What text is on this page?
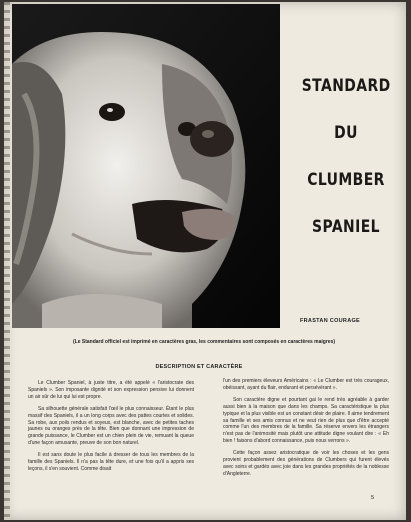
STANDARD
DU
CLUMBER
SPANIEL
FRASTAN COURAGE
(Le Standard officiel est imprimé en caractères gras, les commentaires sont composés en caractères maigres)
DESCRIPTION ET CARACTÈRE

Le Clumber Spaniel, à juste titre, a été appelé « l'aristocrate des Spaniels ». Son imposante dignité et son expression pensive lui donnent un air sûr de lui qui lui est propre.

Sa silhouette générale satisfait l'œil le plus connaisseur. Étant le plus massif des Spaniels, il a un long corps avec des pattes courtes et solides. Sa robe, aux poils rendus et soyeux, est blanche, avec de petites taches jaunes ou oranges près de la tête. Bien que donnant une impression de grande puissance, le Clumber est un chien plein de vie, remuant la queue d'une façon amusante, preuve de son bon naturel.

Il est sans doute le plus facile à dresser de tous les membres de la famille des Spaniels. Il n'a pas la tête dure, et une fois qu'il a appris ses leçons, il s'en souvient. Comme disait

l'un des premiers éleveurs Américains : « Le Clumber est très courageux, obéissant, ayant du flair, endurant et persévérant ».

Son caractère digne et pourtant gai le rend très agréable à garder aussi bien à la maison que dans les champs. Sa caractéristique la plus typique et la plus visible est un constant désir de plaire. Il aime tendrement sa famille et ses amis connus et ne veut rien de plus que d'être accepté comme l'un des membres de la famille. Sa réserve envers les étrangers n'est pas de l'animosité mais plutôt une attitude digne voulant dire : « Eh bien ! faisons d'abord connaissance, puis nous verrons ».

Cette façon assez aristocratique de voir les choses et les gens provient probablement des générations de Clumbers qui furent élevés avec soins et gardés avec joie dans les grandes propriétés de la noblesse d'Angleterre.

5
